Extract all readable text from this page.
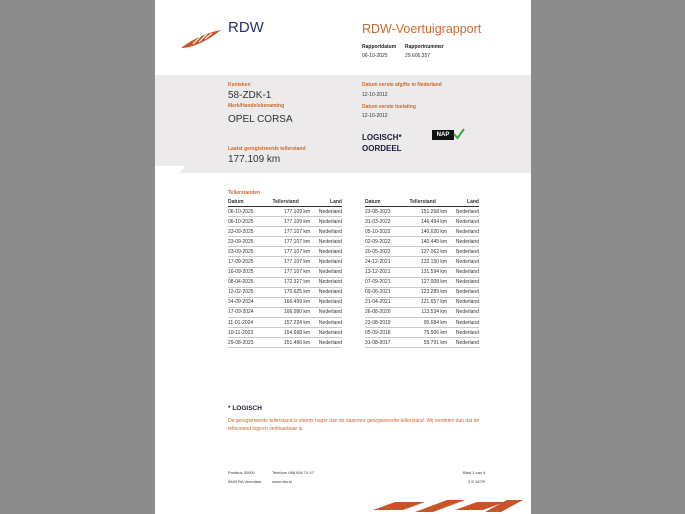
RDW	RDW-Voertuigrapport
Rapportdatum
06-10-2025
Rapportnummer
29.606.357
Kenteken
58-ZDK-1
Merk/Handelsbenaming
OPEL CORSA
Laatst geregistreerde tellerstand
177.109 km
Datum eerste afgifte in Nederland
12-10-2012
Datum eerste toelating
12-10-2012
LOGISCH*
OORDEEL
NAP
Tellerstanden
Datum	Tellerstand	Land
06-10-2025	177.109 km	Nederland
06-10-2025	177.109 km	Nederland
23-09-2025	177.107 km	Nederland
23-09-2025	177.107 km	Nederland
23-09-2025	177.107 km	Nederland
17-09-2025	177.107 km	Nederland
16-09-2025	177.107 km	Nederland
08-04-2025	172.327 km	Nederland
12-02-2025	170.625 km	Nederland
24-09-2024	166.499 km	Nederland
17-09-2024	166.080 km	Nederland
11-01-2024	157.224 km	Nederland
10-11-2023	154.668 km	Nederland
29-08-2023	151.466 km	Nederland
Datum	Tellerstand	Land
23-08-2023	151.268 km	Nederland
31-03-2023	146.494 km	Nederland
05-10-2022	140.620 km	Nederland
02-09-2022	140.445 km	Nederland
20-05-2022	137.062 km	Nederland
24-12-2021	132.150 km	Nederland
13-12-2021	131.594 km	Nederland
07-09-2021	127.008 km	Nederland
09-06-2021	123.289 km	Nederland
21-04-2021	121.657 km	Nederland
26-08-2020	113.534 km	Nederland
23-08-2019	95.684 km	Nederland
05-09-2018	75.506 km	Nederland
31-08-2017	55.791 km	Nederland
* LOGISCH
De geregistreerde tellerstand is steeds hoger dan de daarvoor geregistreerde tellerstand. Wij oordelen dan dat de tellerstand logisch verklaarbaar is.
Postbus 30000
9640 RA Veendam
Telefoon 088 006 74 47
www.rdw.nl
Blad 1 van 4
3 E 1679*
